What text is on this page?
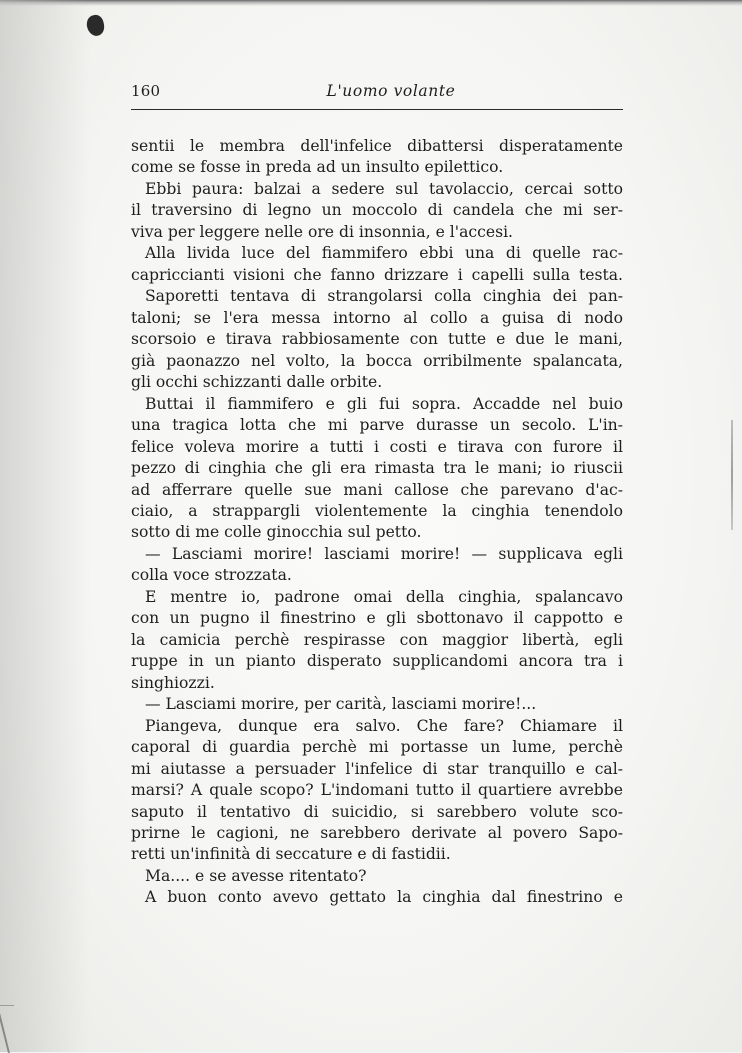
160	L'uomo volante
sentii le membra dell'infelice dibattersi disperatamente
come se fosse in preda ad un insulto epilettico.
Ebbi paura: balzai a sedere sul tavolaccio, cercai sotto
il traversino di legno un moccolo di candela che mi ser-
viva per leggere nelle ore di insonnia, e l'accesi.
Alla livida luce del fiammifero ebbi una di quelle rac-
capriccianti visioni che fanno drizzare i capelli sulla testa.
Saporetti tentava di strangolarsi colla cinghia dei pan-
taloni; se l'era messa intorno al collo a guisa di nodo
scorsoio e tirava rabbiosamente con tutte e due le mani,
già paonazzo nel volto, la bocca orribilmente spalancata,
gli occhi schizzanti dalle orbite.
Buttai il fiammifero e gli fui sopra. Accadde nel buio
una tragica lotta che mi parve durasse un secolo. L'in-
felice voleva morire a tutti i costi e tirava con furore il
pezzo di cinghia che gli era rimasta tra le mani; io riuscii
ad afferrare quelle sue mani callose che parevano d'ac-
ciaio, a strappargli violentemente la cinghia tenendolo
sotto di me colle ginocchia sul petto.
— Lasciami morire! lasciami morire! — supplicava egli
colla voce strozzata.
E mentre io, padrone omai della cinghia, spalancavo
con un pugno il finestrino e gli sbottonavo il cappotto e
la camicia perchè respirasse con maggior libertà, egli
ruppe in un pianto disperato supplicandomi ancora tra i
singhiozzi.
— Lasciami morire, per carità, lasciami morire!...
Piangeva, dunque era salvo. Che fare? Chiamare il
caporal di guardia perchè mi portasse un lume, perchè
mi aiutasse a persuader l'infelice di star tranquillo e cal-
marsi? A quale scopo? L'indomani tutto il quartiere avrebbe
saputo il tentativo di suicidio, si sarebbero volute sco-
prirne le cagioni, ne sarebbero derivate al povero Sapo-
retti un'infinità di seccature e di fastidii.
Ma.... e se avesse ritentato?
A buon conto avevo gettato la cinghia dal finestrino e
